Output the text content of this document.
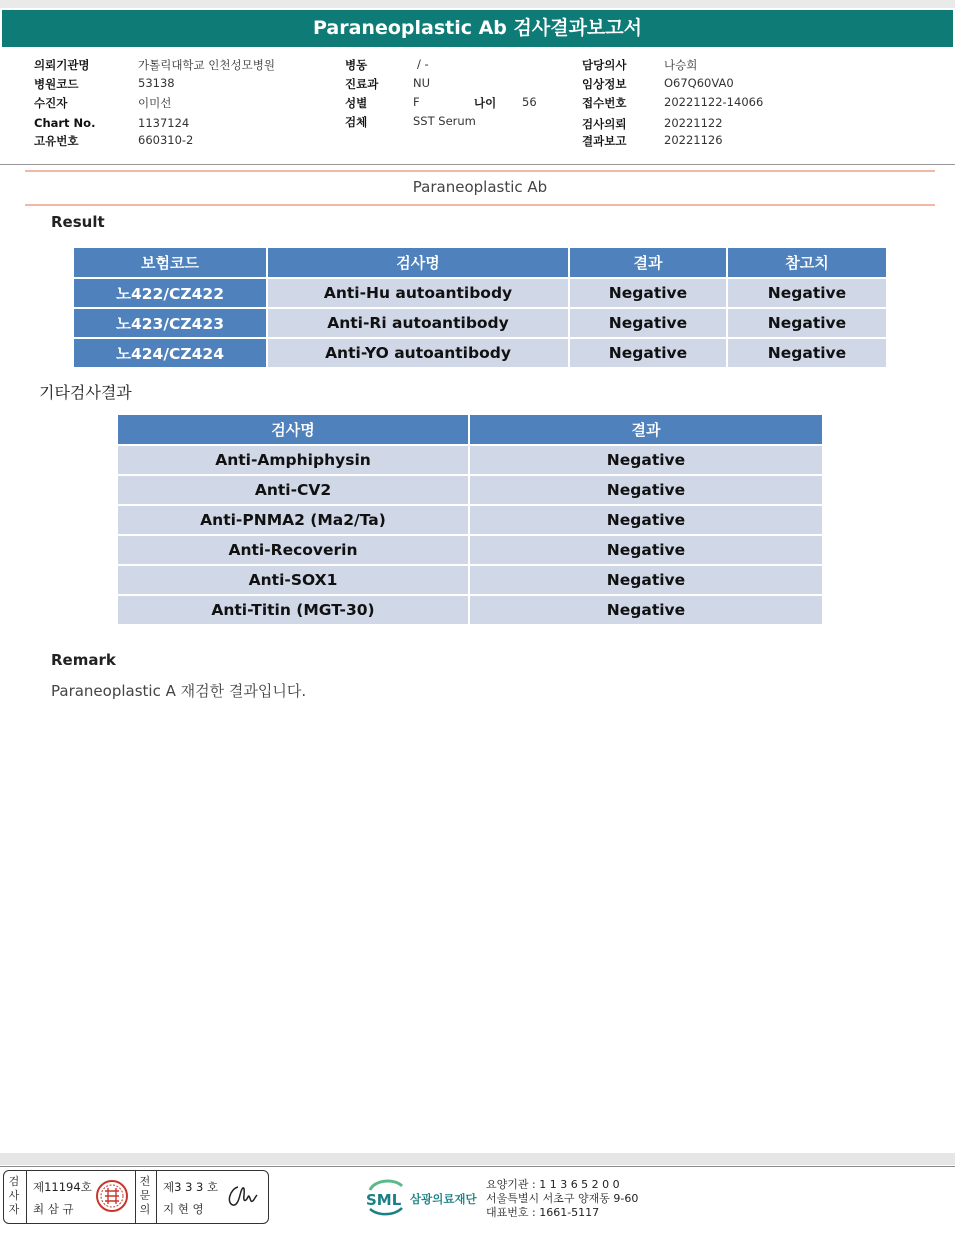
Paraneoplastic Ab 검사결과보고서
의뢰기관명	가톨릭대학교 인천성모병원
병원코드	53138
수진자	이미선
Chart No.	1137124
고유번호	660310-2
병동	/ -
진료과	NU
성별	F	나이 56
검체	SST Serum
담당의사	나승희
임상정보	O67Q60VA0
접수번호	20221122-14066
검사의뢰	20221122
결과보고	20221126
Paraneoplastic Ab
Result
보험코드	검사명	결과	참고치
노422/CZ422	Anti-Hu autoantibody	Negative	Negative
노423/CZ423	Anti-Ri autoantibody	Negative	Negative
노424/CZ424	Anti-YO autoantibody	Negative	Negative
기타검사결과
검사명	결과
Anti-Amphiphysin	Negative
Anti-CV2	Negative
Anti-PNMA2 (Ma2/Ta)	Negative
Anti-Recoverin	Negative
Anti-SOX1	Negative
Anti-Titin (MGT-30)	Negative
Remark
Paraneoplastic A 재검한 결과입니다.
검사자
제11194호
최 삼 규
전문의
제3 3 3 호
지 현 영	SML 삼광의료재단
요양기관 : 1 1 3 6 5 2 0 0
서울특별시 서초구 양재동 9-60
대표번호 : 1661-5117
